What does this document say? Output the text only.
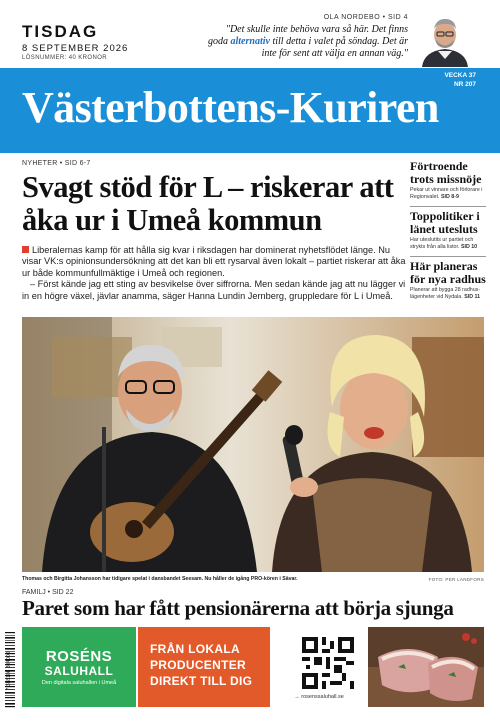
TISDAG
8 SEPTEMBER 2026
LÖSNUMMER: 40 KRONOR
OLA NORDEBO • SID 4
"Det skulle inte behöva vara så här. Det finns goda alternativ till detta i valet på söndag. Det är inte för sent att välja en annan väg."
Västerbottens-Kuriren
VECKA 37
NR 207
NYHETER • SID 6-7
Svagt stöd för L – riskerar att åka ur i Umeå kommun

Liberalernas kamp för att hålla sig kvar i riksdagen har dominerat nyhetsflödet länge. Nu visar VK:s opinionsundersökning att det kan bli ett rysarval även lokalt – partiet riskerar att åka ur både kommunfullmäktige i Umeå och regionen.

– Först kände jag ett sting av besvikelse över siffrorna. Men sedan kände jag att nu lägger vi in en högre växel, jävlar anamma, säger Hanna Lundin Jernberg, gruppledare för L i Umeå.

Förtroende trots missnöje
Pekar ut vinnare och förlorare i Regionvalet. SID 8-9
Toppolitiker i länet utesluts
Har uteslutits ur partiet och strykts från alla listor. SID 10
Här planeras för nya radhus
Planerar att bygga 28 radhus-lägenheter vid Nydala. SID 11
Thomas och Birgitta Johansson har tidigare spelat i dansbandet Seesam. Nu håller de igång PRO-kören i Sävar.	FOTO: PER LANDFORS
FAMILJ • SID 22
Paret som har fått pensionärerna att börja sjunga
7 388108 304000	ROSÉNS
SALUHALL
Den digitala saluhallen i Umeå
FRÅN LOKALA
PRODUCENTER
DIREKT TILL DIG
→ rosenssaluhall.se
